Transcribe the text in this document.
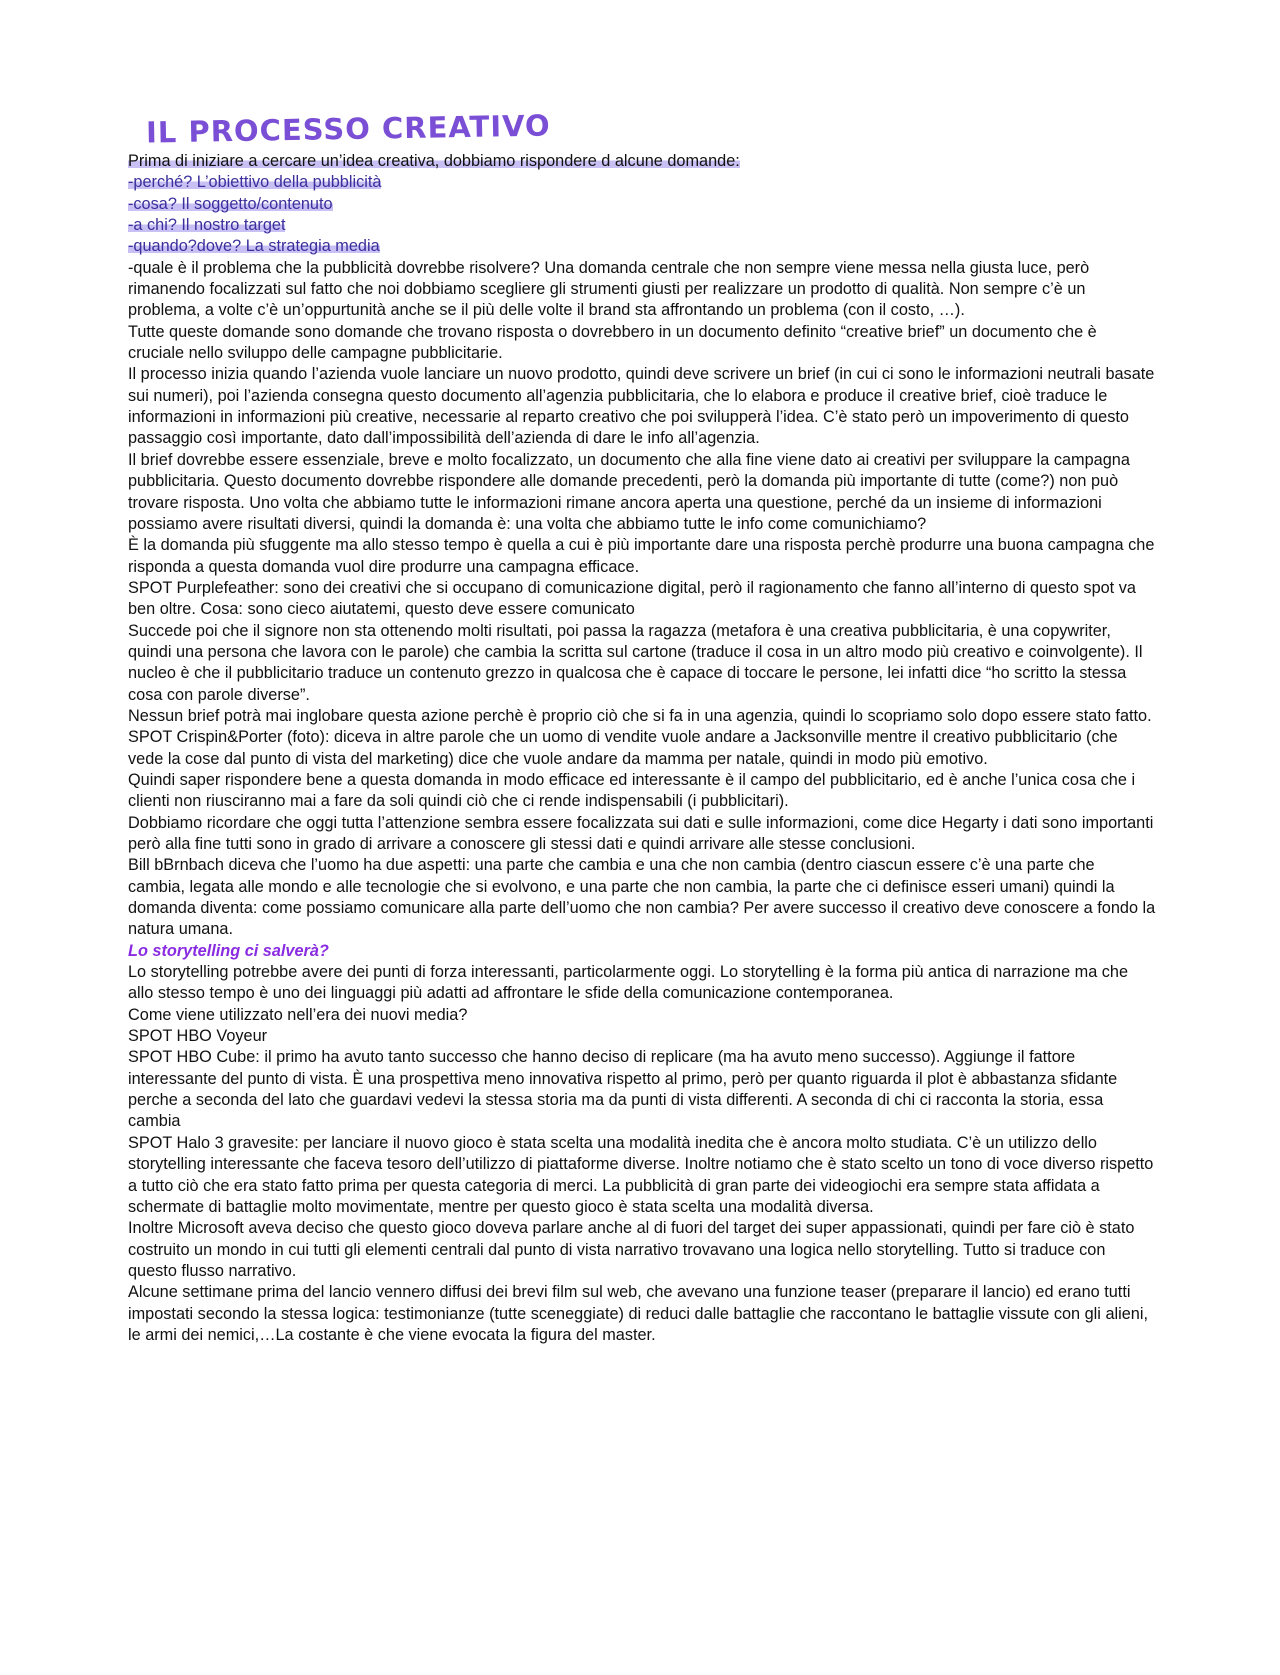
IL PROCESSO CREATIVO

Prima di iniziare a cercare un’idea creativa, dobbiamo rispondere d alcune domande:

-perché? L’obiettivo della pubblicità

-cosa? Il soggetto/contenuto

-a chi? Il nostro target

-quando?dove? La strategia media

-quale è il problema che la pubblicità dovrebbe risolvere? Una domanda centrale che non sempre viene messa nella giusta luce, però rimanendo focalizzati sul fatto che noi dobbiamo scegliere gli strumenti giusti per realizzare un prodotto di qualità. Non sempre c’è un problema, a volte c’è un’oppurtunità anche se il più delle volte il brand sta affrontando un problema (con il costo, …).

Tutte queste domande sono domande che trovano risposta o dovrebbero in un documento definito “creative brief” un documento che è cruciale nello sviluppo delle campagne pubblicitarie.

Il processo inizia quando l’azienda vuole lanciare un nuovo prodotto, quindi deve scrivere un brief (in cui ci sono le informazioni neutrali basate sui numeri), poi l’azienda consegna questo documento all’agenzia pubblicitaria, che lo elabora e produce il creative brief, cioè traduce le informazioni in informazioni più creative, necessarie al reparto creativo che poi svilupperà l’idea. C’è stato però un impoverimento di questo passaggio così importante, dato dall’impossibilità dell’azienda di dare le info all’agenzia.

Il brief dovrebbe essere essenziale, breve e molto focalizzato, un documento che alla fine viene dato ai creativi per sviluppare la campagna pubblicitaria. Questo documento dovrebbe rispondere alle domande precedenti, però la domanda più importante di tutte (come?) non può trovare risposta. Uno volta che abbiamo tutte le informazioni rimane ancora aperta una questione, perché da un insieme di informazioni possiamo avere risultati diversi, quindi la domanda è: una volta che abbiamo tutte le info come comunichiamo?

È la domanda più sfuggente ma allo stesso tempo è quella a cui è più importante dare una risposta perchè produrre una buona campagna che risponda a questa domanda vuol dire produrre una campagna efficace.

SPOT Purplefeather: sono dei creativi che si occupano di comunicazione digital, però il ragionamento che fanno all’interno di questo spot va ben oltre. Cosa: sono cieco aiutatemi, questo deve essere comunicato

Succede poi che il signore non sta ottenendo molti risultati, poi passa la ragazza (metafora è una creativa pubblicitaria, è una copywriter, quindi una persona che lavora con le parole) che cambia la scritta sul cartone (traduce il cosa in un altro modo più creativo e coinvolgente). Il nucleo è che il pubblicitario traduce un contenuto grezzo in qualcosa che è capace di toccare le persone, lei infatti dice “ho scritto la stessa cosa con parole diverse”.

Nessun brief potrà mai inglobare questa azione perchè è proprio ciò che si fa in una agenzia, quindi lo scopriamo solo dopo essere stato fatto.

SPOT Crispin&Porter (foto): diceva in altre parole che un uomo di vendite vuole andare a Jacksonville mentre il creativo pubblicitario (che vede la cose dal punto di vista del marketing) dice che vuole andare da mamma per natale, quindi in modo più emotivo.

Quindi saper rispondere bene a questa domanda in modo efficace ed interessante è il campo del pubblicitario, ed è anche l’unica cosa che i clienti non riusciranno mai a fare da soli quindi ciò che ci rende indispensabili (i pubblicitari).

Dobbiamo ricordare che oggi tutta l’attenzione sembra essere focalizzata sui dati e sulle informazioni, come dice Hegarty i dati sono importanti però alla fine tutti sono in grado di arrivare a conoscere gli stessi dati e quindi arrivare alle stesse conclusioni.

Bill bBrnbach diceva che l’uomo ha due aspetti: una parte che cambia e una che non cambia (dentro ciascun essere c’è una parte che cambia, legata alle mondo e alle tecnologie che si evolvono, e una parte che non cambia, la parte che ci definisce esseri umani) quindi la domanda diventa: come possiamo comunicare alla parte dell’uomo che non cambia? Per avere successo il creativo deve conoscere a fondo la natura umana.

Lo storytelling ci salverà?

Lo storytelling potrebbe avere dei punti di forza interessanti, particolarmente oggi. Lo storytelling è la forma più antica di narrazione ma che allo stesso tempo è uno dei linguaggi più adatti ad affrontare le sfide della comunicazione contemporanea.

Come viene utilizzato nell’era dei nuovi media?

SPOT HBO Voyeur

SPOT HBO Cube: il primo ha avuto tanto successo che hanno deciso di replicare (ma ha avuto meno successo). Aggiunge il fattore interessante del punto di vista. È una prospettiva meno innovativa rispetto al primo, però per quanto riguarda il plot è abbastanza sfidante perche a seconda del lato che guardavi vedevi la stessa storia ma da punti di vista differenti. A seconda di chi ci racconta la storia, essa cambia

SPOT Halo 3 gravesite: per lanciare il nuovo gioco è stata scelta una modalità inedita che è ancora molto studiata. C’è un utilizzo dello storytelling interessante che faceva tesoro dell’utilizzo di piattaforme diverse. Inoltre notiamo che è stato scelto un tono di voce diverso rispetto a tutto ciò che era stato fatto prima per questa categoria di merci. La pubblicità di gran parte dei videogiochi era sempre stata affidata a schermate di battaglie molto movimentate, mentre per questo gioco è stata scelta una modalità diversa.

Inoltre Microsoft aveva deciso che questo gioco doveva parlare anche al di fuori del target dei super appassionati, quindi per fare ciò è stato costruito un mondo in cui tutti gli elementi centrali dal punto di vista narrativo trovavano una logica nello storytelling. Tutto si traduce con questo flusso narrativo.

Alcune settimane prima del lancio vennero diffusi dei brevi film sul web, che avevano una funzione teaser (preparare il lancio) ed erano tutti impostati secondo la stessa logica: testimonianze (tutte sceneggiate) di reduci dalle battaglie che raccontano le battaglie vissute con gli alieni, le armi dei nemici,…La costante è che viene evocata la figura del master.
